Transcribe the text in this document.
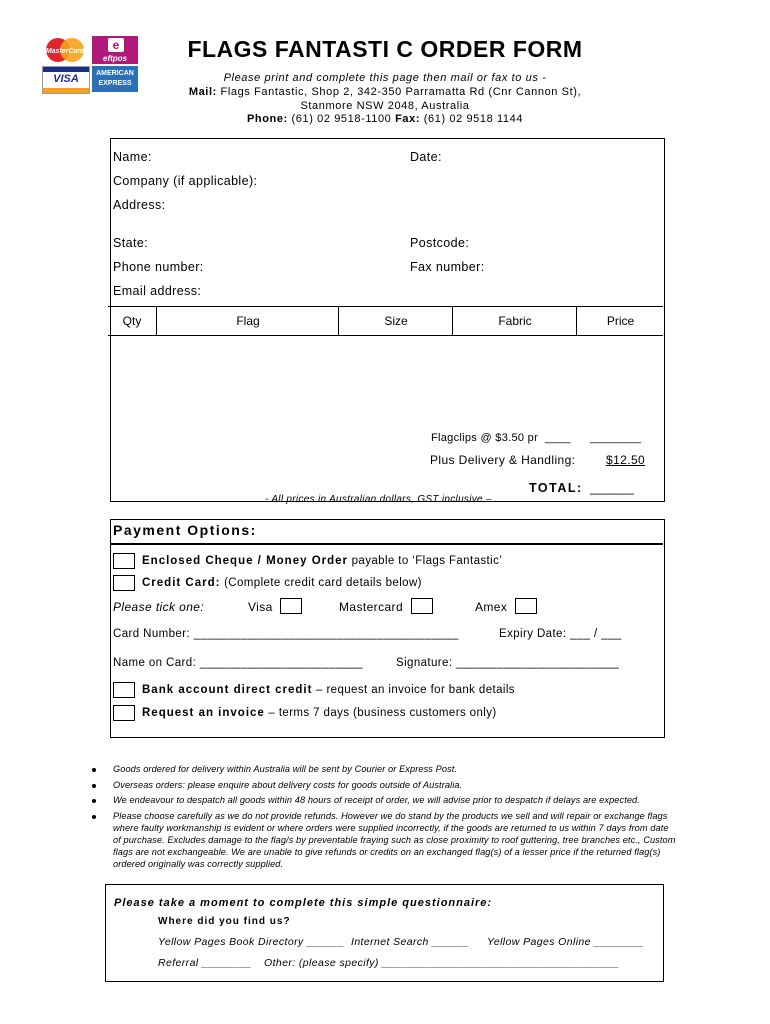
MasterCard e
eftpos
VISA	AMERICAN
EXPRESS
FLAGS FANTASTI C ORDER FORM
Please print and complete this page then mail or fax to us -
Mail: Flags Fantastic, Shop 2, 342-350 Parramatta Rd (Cnr Cannon St),
Stanmore NSW 2048, Australia
Phone: (61) 02 9518-1100 Fax: (61) 02 9518 1144
Name:	Date:
Company (if applicable):
Address:
State:	Postcode:
Phone number:	Fax number:
Email address:
Qty	Flag	Size	Fabric	Price
Flagclips @ $3.50 pr ____ ________
Plus Delivery & Handling:	$12.50
TOTAL: ______
- All prices in Australian dollars, GST inclusive –
Payment Options:
Enclosed Cheque / Money Order payable to ‘Flags Fantastic’
Credit Card: (Complete credit card details below)
Please tick one:	Visa	Mastercard	Amex
Card Number: _______________________________________	Expiry Date: ___ / ___
Name on Card: ________________________	Signature: ________________________
Bank account direct credit – request an invoice for bank details
Request an invoice – terms 7 days (business customers only)
Goods ordered for delivery within Australia will be sent by Courier or Express Post.
Overseas orders: please enquire about delivery costs for goods outside of Australia.
We endeavour to despatch all goods within 48 hours of receipt of order, we will advise prior to despatch if delays are expected.
Please choose carefully as we do not provide refunds. However we do stand by the products we sell and will repair or exchange flags where faulty workmanship is evident or where orders were supplied incorrectly, if the goods are returned to us within 7 days from date of purchase. Excludes damage to the flag/s by preventable fraying such as close proximity to roof guttering, tree branches etc., Custom flags are not exchangeable. We are unable to give refunds or credits on an exchanged flag(s) of a lesser price if the returned flag(s) ordered originally was correctly supplied.
Please take a moment to complete this simple questionnaire:
Where did you find us?
Yellow Pages Book Directory ______ Internet Search ______ Yellow Pages Online ________
Referral ________ Other: (please specify) ______________________________________
